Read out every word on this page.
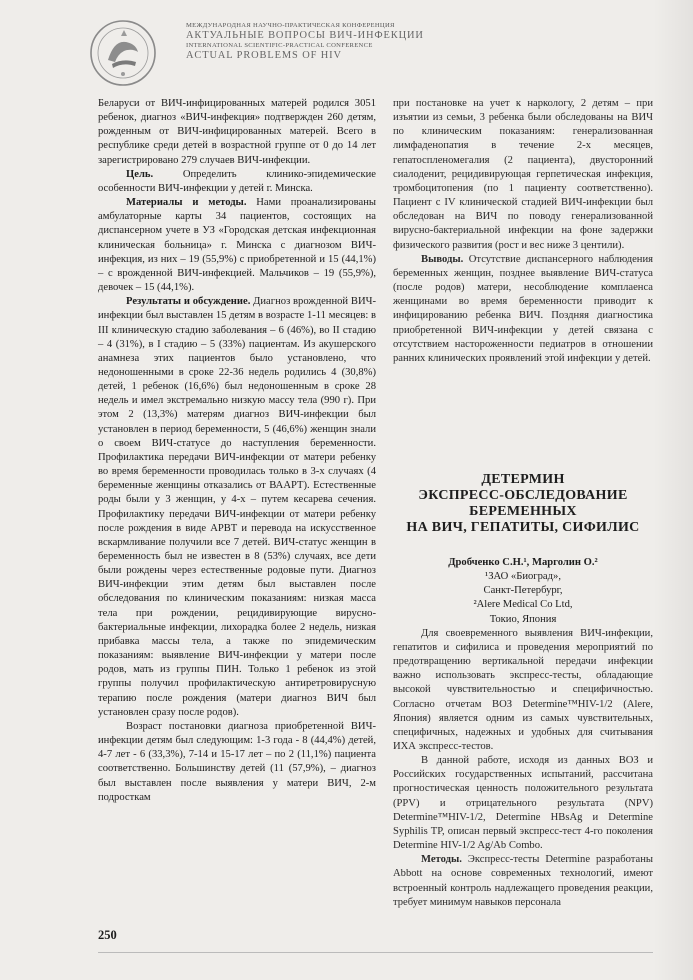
МЕЖДУНАРОДНАЯ НАУЧНО-ПРАКТИЧЕСКАЯ КОНФЕРЕНЦИЯ
АКТУАЛЬНЫЕ ВОПРОСЫ ВИЧ-ИНФЕКЦИИ
INTERNATIONAL SCIENTIFIC-PRACTICAL CONFERENCE
ACTUAL PROBLEMS OF HIV

Беларуси от ВИЧ-инфицированных матерей родился 3051 ребенок, диагноз «ВИЧ-инфекция» подтвержден 260 детям, рожденным от ВИЧ-инфицированных матерей. Всего в республике среди детей в возрастной группе от 0 до 14 лет зарегистрировано 279 случаев ВИЧ-инфекции.

Цель. Определить клинико-эпидемические особенности ВИЧ-инфекции у детей г. Минска.

Материалы и методы. Нами проанализированы амбулаторные карты 34 пациентов, состоящих на диспансерном учете в УЗ «Городская детская инфекционная клиническая больница» г. Минска с диагнозом ВИЧ-инфекция, из них – 19 (55,9%) с приобретенной и 15 (44,1%) – с врожденной ВИЧ-инфекцией. Мальчиков – 19 (55,9%), девочек – 15 (44,1%).

Результаты и обсуждение. Диагноз врожденной ВИЧ-инфекции был выставлен 15 детям в возрасте 1-11 месяцев: в III клиническую стадию заболевания – 6 (46%), во II стадию – 4 (31%), в I стадию – 5 (33%) пациентам. Из акушерского анамнеза этих пациентов было установлено, что недоношенными в сроке 22-36 недель родились 4 (30,8%) детей, 1 ребенок (16,6%) был недоношенным в сроке 28 недель и имел экстремально низкую массу тела (990 г). При этом 2 (13,3%) матерям диагноз ВИЧ-инфекции был установлен в период беременности, 5 (46,6%) женщин знали о своем ВИЧ-статусе до наступления беременности. Профилактика передачи ВИЧ-инфекции от матери ребенку во время беременности проводилась только в 3-х случаях (4 беременные женщины отказались от ВААРТ). Естественные роды были у 3 женщин, у 4-х – путем кесарева сечения. Профилактику передачи ВИЧ-инфекции от матери ребенку после рождения в виде АРВТ и перевода на искусственное вскармливание получили все 7 детей. ВИЧ-статус женщин в беременность был не известен в 8 (53%) случаях, все дети были рождены через естественные родовые пути. Диагноз ВИЧ-инфекции этим детям был выставлен после обследования по клиническим показаниям: низкая масса тела при рождении, рецидивирующие вирусно-бактериальные инфекции, лихорадка более 2 недель, низкая прибавка массы тела, а также по эпидемическим показаниям: выявление ВИЧ-инфекции у матери после родов, мать из группы ПИН. Только 1 ребенок из этой группы получил профилактическую антиретровирусную терапию после рождения (матери диагноз ВИЧ был установлен сразу после родов).

Возраст постановки диагноза приобретенной ВИЧ-инфекции детям был следующим: 1-3 года - 8 (44,4%) детей, 4-7 лет - 6 (33,3%), 7-14 и 15-17 лет – по 2 (11,1%) пациента соответственно. Большинству детей (11 (57,9%), – диагноз был выставлен после выявления у матери ВИЧ, 2-м подросткам

при постановке на учет к наркологу, 2 детям – при изъятии из семьи, 3 ребенка были обследованы на ВИЧ по клиническим показаниям: генерализованная лимфаденопатия в течение 2-х месяцев, гепатоспленомегалия (2 пациента), двусторонний сиалоденит, рецидивирующая герпетическая инфекция, тромбоцитопения (по 1 пациенту соответственно). Пациент с IV клинической стадией ВИЧ-инфекции был обследован на ВИЧ по поводу генерализованной вирусно-бактериальной инфекции на фоне задержки физического развития (рост и вес ниже 3 центили).

Выводы. Отсутствие диспансерного наблюдения беременных женщин, позднее выявление ВИЧ-статуса (после родов) матери, несоблюдение комплаенса женщинами во время беременности приводит к инфицированию ребенка ВИЧ. Поздняя диагностика приобретенной ВИЧ-инфекции у детей связана с отсутствием настороженности педиатров в отношении ранних клинических проявлений этой инфекции у детей.

ДЕТЕРМИН
ЭКСПРЕСС-ОБСЛЕДОВАНИЕ
БЕРЕМЕННЫХ
НА ВИЧ, ГЕПАТИТЫ, СИФИЛИС
Дробченко С.Н.¹, Марголин О.²
¹ЗАО «Биоград»,
Санкт-Петербург,
²Alere Medical Co Ltd,
Токио, Япония

Для своевременного выявления ВИЧ-инфекции, гепатитов и сифилиса и проведения мероприятий по предотвращению вертикальной передачи инфекции важно использовать экспресс-тесты, обладающие высокой чувствительностью и специфичностью. Согласно отчетам ВОЗ Determine™HIV-1/2 (Alere, Япония) является одним из самых чувствительных, специфичных, надежных и удобных для считывания ИХА экспресс-тестов.

В данной работе, исходя из данных ВОЗ и Российских государственных испытаний, рассчитана прогностическая ценность положительного результата (PPV) и отрицательного результата (NPV) Determine™HIV-1/2, Determine HBsAg и Determine Syphilis TP, описан первый экспресс-тест 4-го поколения Determine HIV-1/2 Ag/Ab Combo.

Методы. Экспресс-тесты Determine разработаны Abbott на основе современных технологий, имеют встроенный контроль надлежащего проведения реакции, требует минимум навыков персонала

250
